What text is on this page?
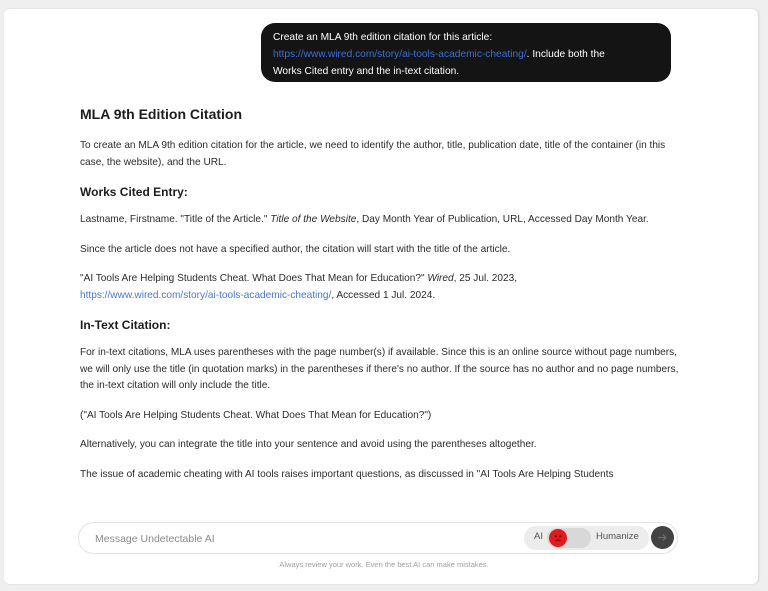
Create an MLA 9th edition citation for this article:
https://www.wired.com/story/ai-tools-academic-cheating/. Include both the
Works Cited entry and the in-text citation.
MLA 9th Edition Citation

To create an MLA 9th edition citation for the article, we need to identify the author, title, publication date, title of the container (in this case, the website), and the URL.

Works Cited Entry:

Lastname, Firstname. "Title of the Article." Title of the Website, Day Month Year of Publication, URL, Accessed Day Month Year.

Since the article does not have a specified author, the citation will start with the title of the article.

"AI Tools Are Helping Students Cheat. What Does That Mean for Education?" Wired, 25 Jul. 2023,
https://www.wired.com/story/ai-tools-academic-cheating/, Accessed 1 Jul. 2024.

In-Text Citation:

For in-text citations, MLA uses parentheses with the page number(s) if available. Since this is an online source without page numbers, we will only use the title (in quotation marks) in the parentheses if there's no author. If the source has no author and no page numbers, the in-text citation will only include the title.

("AI Tools Are Helping Students Cheat. What Does That Mean for Education?")

Alternatively, you can integrate the title into your sentence and avoid using the parentheses altogether.

The issue of academic cheating with AI tools raises important questions, as discussed in "AI Tools Are Helping Students

Message Undetectable AI
AI	Humanize
Always review your work. Even the best AI can make mistakes.
